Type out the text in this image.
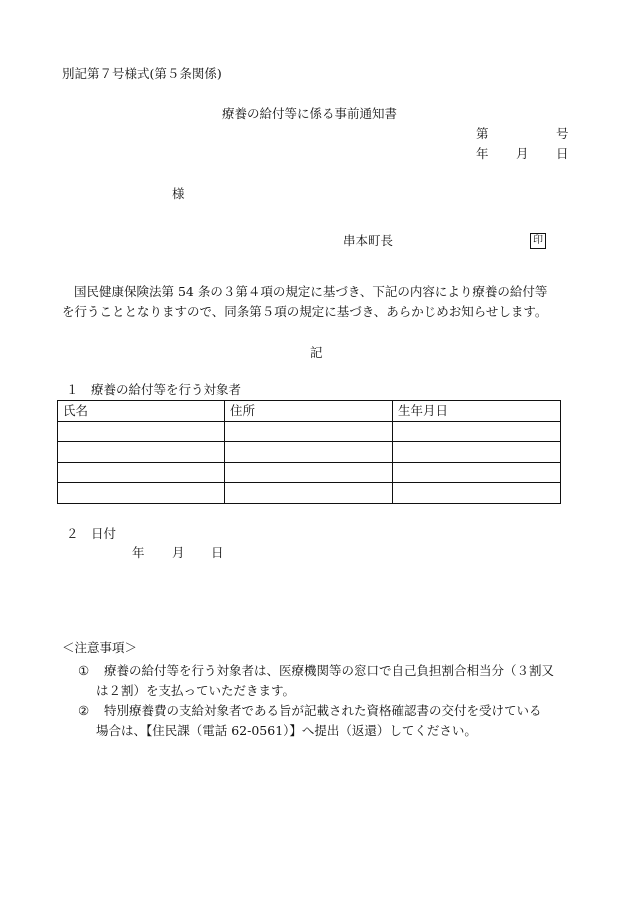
別記第７号様式(第５条関係)
療養の給付等に係る事前通知書
第	号
年 月 日
様
串本町長	印
国民健康保険法第 54 条の３第４項の規定に基づき、下記の内容により療養の給付等
を行うこととなりますので、同条第５項の規定に基づき、あらかじめお知らせします。
記
１　療養の給付等を行う対象者
氏名	住所	生年月日

２　日付
年 月 日
＜注意事項＞
① 療養の給付等を行う対象者は、医療機関等の窓口で自己負担割合相当分（３割又
は２割）を支払っていただきます。
② 特別療養費の支給対象者である旨が記載された資格確認書の交付を受けている
場合は、【住民課（電話 62-0561）】へ提出（返還）してください。
